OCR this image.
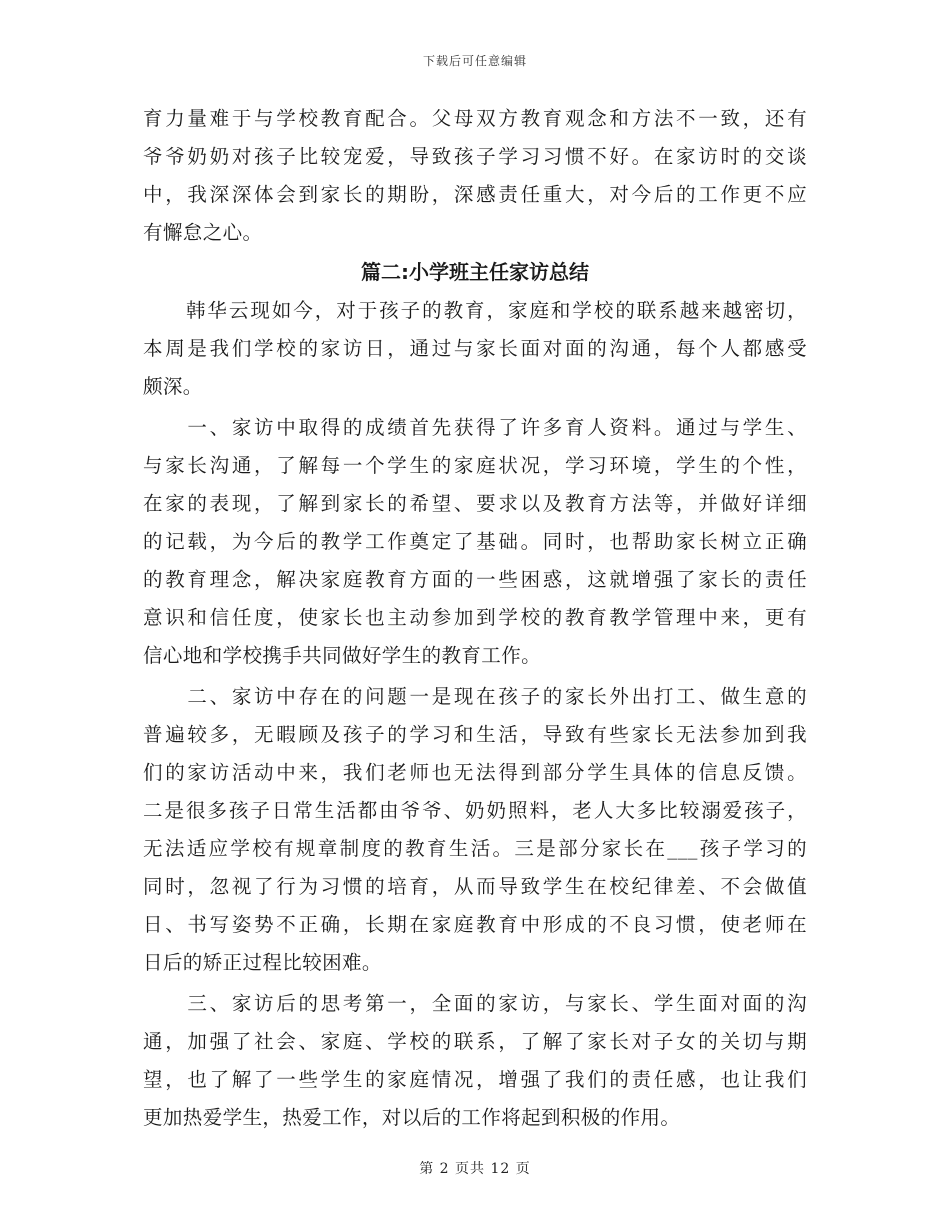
下载后可任意编辑
育力量难于与学校教育配合。父母双方教育观念和方法不一致，还有
爷爷奶奶对孩子比较宠爱，导致孩子学习习惯不好。在家访时的交谈
中，我深深体会到家长的期盼，深感责任重大，对今后的工作更不应
有懈怠之心。
篇二:小学班主任家访总结
　　韩华云现如今，对于孩子的教育，家庭和学校的联系越来越密切，
本周是我们学校的家访日，通过与家长面对面的沟通，每个人都感受
颇深。
　　一、家访中取得的成绩首先获得了许多育人资料。通过与学生、
与家长沟通，了解每一个学生的家庭状况，学习环境，学生的个性，
在家的表现，了解到家长的希望、要求以及教育方法等，并做好详细
的记载，为今后的教学工作奠定了基础。同时，也帮助家长树立正确
的教育理念，解决家庭教育方面的一些困惑，这就增强了家长的责任
意识和信任度，使家长也主动参加到学校的教育教学管理中来，更有
信心地和学校携手共同做好学生的教育工作。
　　二、家访中存在的问题一是现在孩子的家长外出打工、做生意的
普遍较多，无暇顾及孩子的学习和生活，导致有些家长无法参加到我
们的家访活动中来，我们老师也无法得到部分学生具体的信息反馈。
二是很多孩子日常生活都由爷爷、奶奶照料，老人大多比较溺爱孩子，
无法适应学校有规章制度的教育生活。三是部分家长在___孩子学习的
同时，忽视了行为习惯的培育，从而导致学生在校纪律差、不会做值
日、书写姿势不正确，长期在家庭教育中形成的不良习惯，使老师在
日后的矫正过程比较困难。
　　三、家访后的思考第一，全面的家访，与家长、学生面对面的沟
通，加强了社会、家庭、学校的联系，了解了家长对子女的关切与期
望，也了解了一些学生的家庭情况，增强了我们的责任感，也让我们
更加热爱学生，热爱工作，对以后的工作将起到积极的作用。
第 2 页共 12 页
